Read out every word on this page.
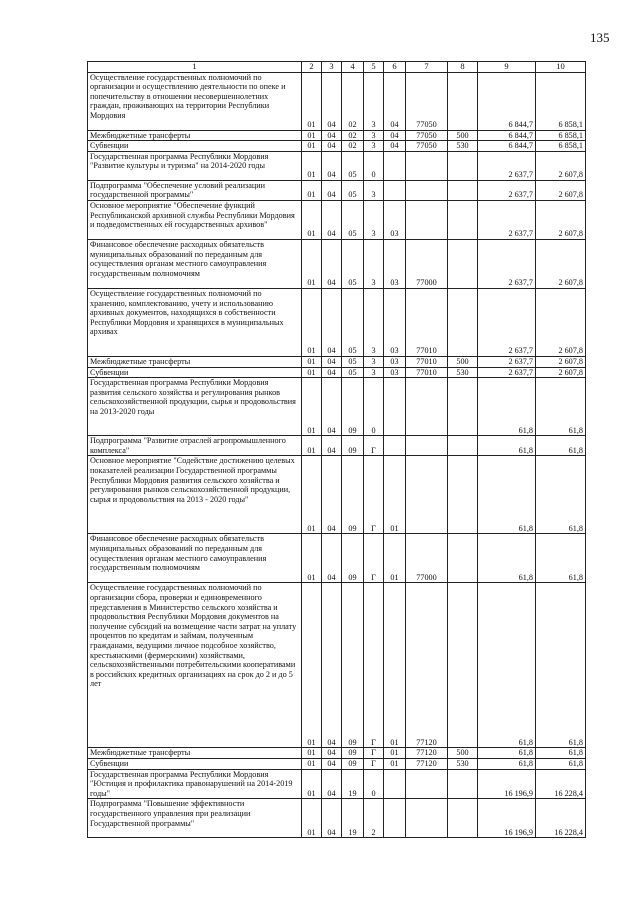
135
1	2	3	4	5	6	7	8	9	10
Осуществление государственных полномочий по организации и осуществлению деятельности по опеке и попечительству в отношении несовершеннолетних граждан, проживающих на территории Республики Мордовия	01	04	02	3	04	77050		6 844,7	6 858,1
Межбюджетные трансферты	01	04	02	3	04	77050	500	6 844,7	6 858,1
Субвенции	01	04	02	3	04	77050	530	6 844,7	6 858,1
Государственная программа Республики Мордовия "Развитие культуры и туризма" на 2014-2020 годы	01	04	05	0				2 637,7	2 607,8
Подпрограмма "Обеспечение условий реализации государственной программы"	01	04	05	3				2 637,7	2 607,8
Основное мероприятие "Обеспечение функций Республиканской архивной службы Республики Мордовия и подведомственных ей государственных архивов"	01	04	05	3	03			2 637,7	2 607,8
Финансовое обеспечение расходных обязательств муниципальных образований по переданным для осуществления органам местного самоуправления государственным полномочиям	01	04	05	3	03	77000		2 637,7	2 607,8
Осуществление государственных полномочий по хранению, комплектованию, учету и использованию архивных документов, находящихся в собственности Республики Мордовия и хранящихся в муниципальных архивах	01	04	05	3	03	77010		2 637,7	2 607,8
Межбюджетные трансферты	01	04	05	3	03	77010	500	2 637,7	2 607,8
Субвенции	01	04	05	3	03	77010	530	2 637,7	2 607,8
Государственная программа Республики Мордовия развития сельского хозяйства и регулирования рынков сельскохозяйственной продукции, сырья и продовольствия на 2013-2020 годы	01	04	09	0				61,8	61,8
Подпрограмма "Развитие отраслей агропромышленного комплекса"	01	04	09	Г				61,8	61,8
Основное мероприятие "Содействие достижению целевых показателей реализации Государственной программы Республики Мордовия развития сельского хозяйства и регулирования рынков сельскохозяйственной продукции, сырья и продовольствия на 2013 - 2020 годы"	01	04	09	Г	01			61,8	61,8
Финансовое обеспечение расходных обязательств муниципальных образований по переданным для осуществления органам местного самоуправления государственным полномочиям	01	04	09	Г	01	77000		61,8	61,8
Осуществление государственных полномочий по организации сбора, проверки и единовременного представления в Министерство сельского хозяйства и продовольствия Республики Мордовия документов на получение субсидий на возмещение части затрат на уплату процентов по кредитам и займам, полученным гражданами, ведущими личное подсобное хозяйство, крестьянскими (фермерскими) хозяйствами, сельскохозяйственными потребительскими кооперативами в российских кредитных организациях на срок до 2 и до 5 лет	01	04	09	Г	01	77120		61,8	61,8
Межбюджетные трансферты	01	04	09	Г	01	77120	500	61,8	61,8
Субвенции	01	04	09	Г	01	77120	530	61,8	61,8
Государственная программа Республики Мордовия "Юстиция и профилактика правонарушений на 2014-2019 годы"	01	04	19	0				16 196,9	16 228,4
Подпрограмма "Повышение эффективности государственного управления при реализации Государственной программы"	01	04	19	2				16 196,9	16 228,4
